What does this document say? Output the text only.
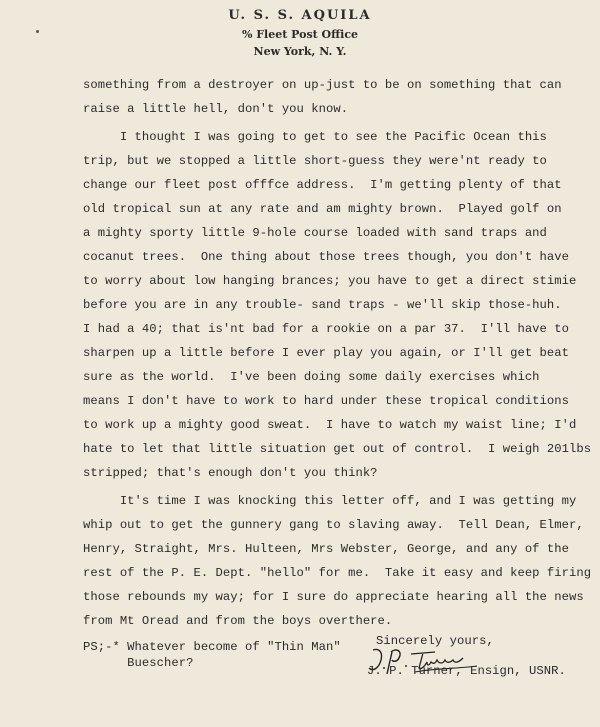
U. S. S. AQUILA
% Fleet Post Office
New York, N. Y.
something from a destroyer on up-just to be on something that can
raise a little hell, don't you know.
I thought I was going to get to see the Pacific Ocean this
trip, but we stopped a little short-guess they were'nt ready to
change our fleet post offfce address.  I'm getting plenty of that
old tropical sun at any rate and am mighty brown.  Played golf on
a mighty sporty little 9-hole course loaded with sand traps and
cocanut trees.  One thing about those trees though, you don't have
to worry about low hanging brances; you have to get a direct stimie
before you are in any trouble- sand traps - we'll skip those-huh.
I had a 40; that is'nt bad for a rookie on a par 37.  I'll have to
sharpen up a little before I ever play you again, or I'll get beat
sure as the world.  I've been doing some daily exercises which
means I don't have to work to hard under these tropical conditions
to work up a mighty good sweat.  I have to watch my waist line; I'd
hate to let that little situation get out of control.  I weigh 201lbs
stripped; that's enough don't you think?
It's time I was knocking this letter off, and I was getting my
whip out to get the gunnery gang to slaving away.  Tell Dean, Elmer,
Henry, Straight, Mrs. Hulteen, Mrs Webster, George, and any of the
rest of the P. E. Dept. "hello" for me.  Take it easy and keep firing
those rebounds my way; for I sure do appreciate hearing all the news
from Mt Oread and from the boys overthere.
Sincerely yours,
PS;-* Whatever become of "Thin Man"
Buescher?
J. P. Turner, Ensign, USNR.
